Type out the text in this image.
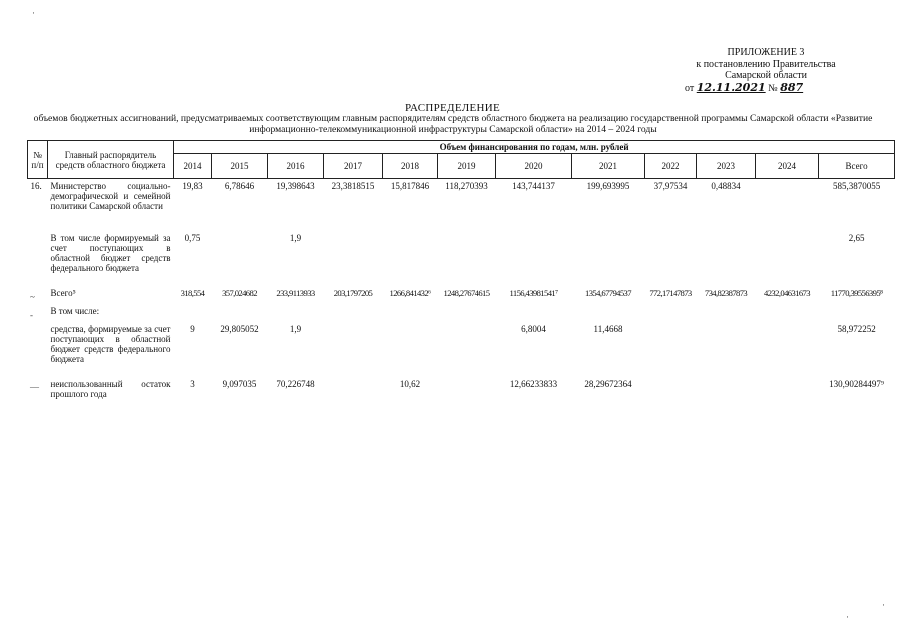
ПРИЛОЖЕНИЕ 3
к постановлению Правительства
Самарской области
от 12.11.2021 № 887
РАСПРЕДЕЛЕНИЕ
объемов бюджетных ассигнований, предусматриваемых соответствующим главным распорядителям средств областного бюджета на реализацию государственной программы Самарской области «Развитие информационно-телекоммуникационной инфраструктуры Самарской области» на 2014 – 2024 годы
№ п/п	Главный распорядитель средств областного бюджета	Объем финансирования по годам, млн. рублей											
		2014	2015	2016	2017	2018	2019	2020	2021	2022	2023	2024	Всего
16.	Министерство социально-демографической и семейной политики Самарской области	19,83	6,78646	19,398643	23,3818515	15,817846	118,270393	143,744137	199,693995	37,97534	0,48834		585,3870055
	В том числе формируемый за счет поступающих в областной бюджет средств федерального бюджета	0,75		1,9									2,65
	Всего⁵	318,554	357,024682	233,9113933	203,1797205	1266,841432⁶	1248,27674615	1156,43981541⁷	1354,67794537	772,17147873	734,82387873	4232,04631673	11770,39556395⁸
	В том числе:												
	средства, формируемые за счет поступающих в областной бюджет средств федерального бюджета	9	29,805052	1,9				6,8004	11,4668				58,972252
	неиспользованный остаток прошлого года	3	9,097035	70,226748		10,62		12,66233833	28,29672364				130,90284497⁹
·
~
-
—
·
·
